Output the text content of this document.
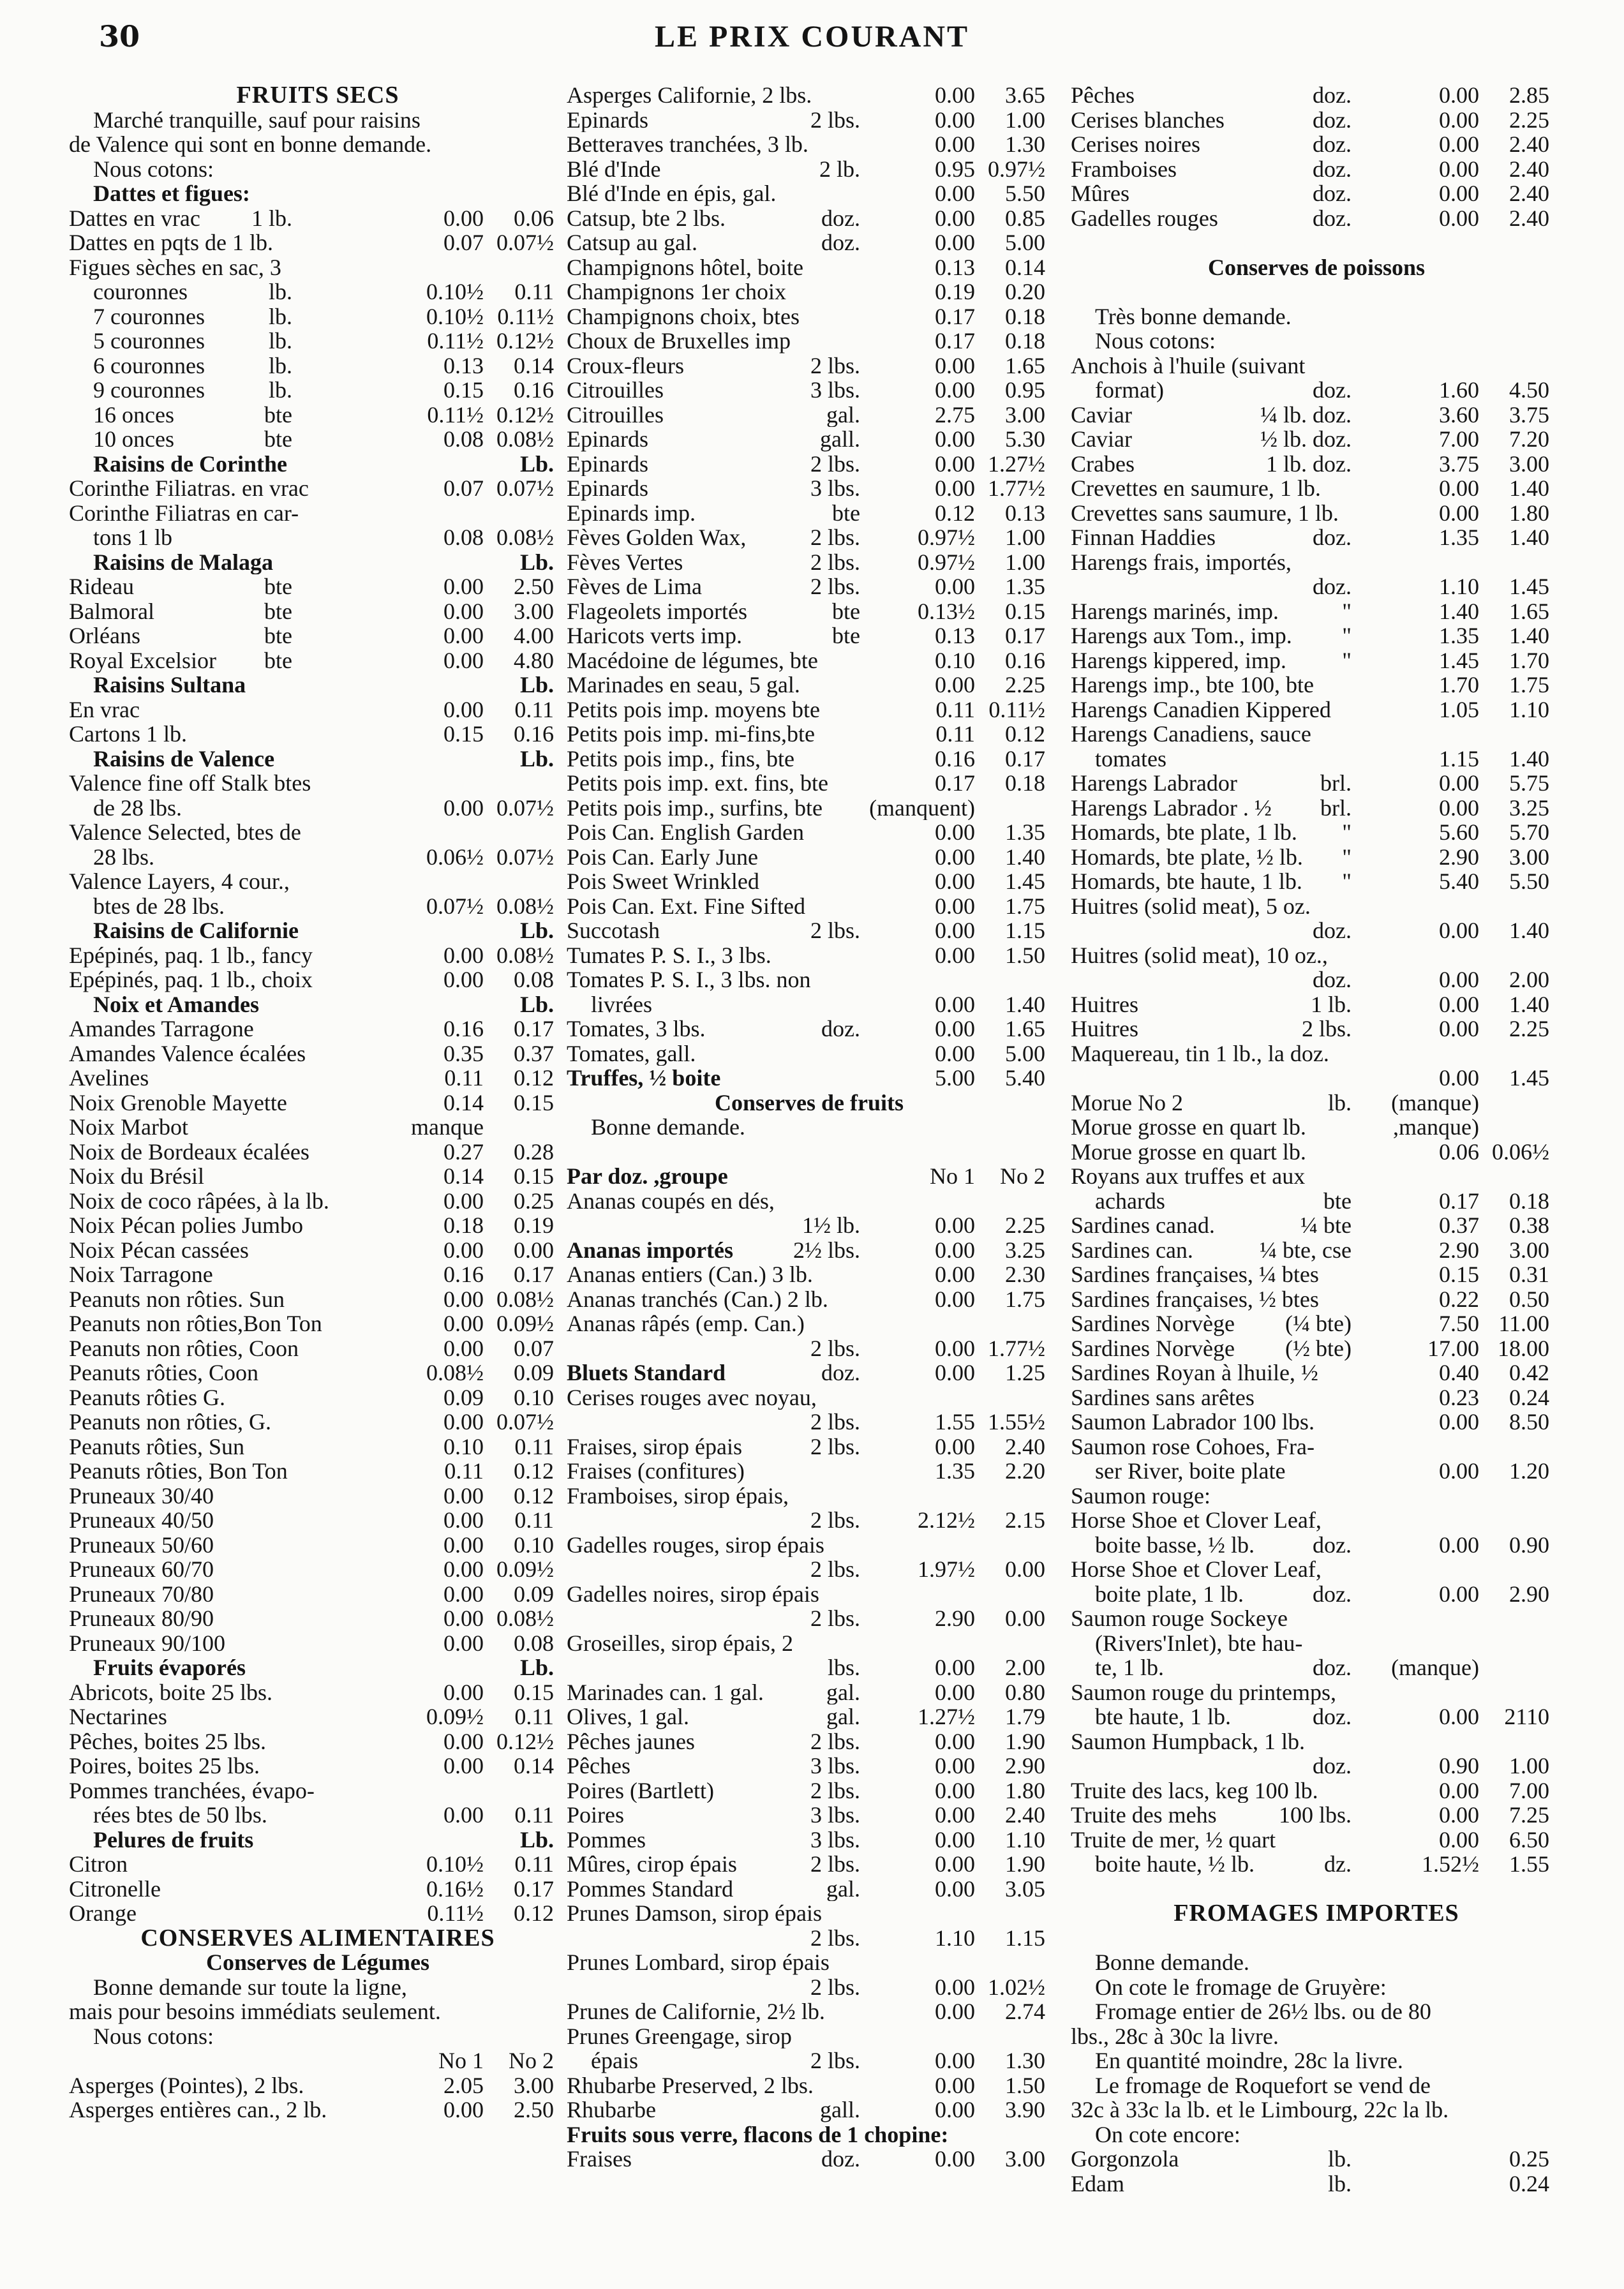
30	LE PRIX COURANT
FRUITS SECS
Marché tranquille, sauf pour raisins
de Valence qui sont en bonne demande.
Nous cotons:
Dattes et figues:
Dattes en vrac 1 lb.	0.00 0.06
Dattes en pqts de 1 lb.	0.07 0.07½
Figues sèches en sac, 3
couronnes	lb.	0.10½ 0.11
7 couronnes	lb.	0.10½ 0.11½
5 couronnes	lb.	0.11½ 0.12½
6 couronnes	lb.	0.13 0.14
9 couronnes	lb.	0.15 0.16
16 onces	bte	0.11½ 0.12½
10 onces	bte	0.08 0.08½
Raisins de Corinthe	Lb.
Corinthe Filiatras. en vrac	0.07 0.07½
Corinthe Filiatras en car-
tons 1 lb	0.08 0.08½
Raisins de Malaga	Lb.
Rideau	bte	0.00 2.50
Balmoral	bte	0.00 3.00
Orléans	bte	0.00 4.00
Royal Excelsior bte	0.00 4.80
Raisins Sultana	Lb.
En vrac	0.00 0.11
Cartons 1 lb.	0.15 0.16
Raisins de Valence	Lb.
Valence fine off Stalk btes
de 28 lbs.	0.00 0.07½
Valence Selected, btes de
28 lbs.	0.06½ 0.07½
Valence Layers, 4 cour.,
btes de 28 lbs.	0.07½ 0.08½
Raisins de Californie	Lb.
Epépinés, paq. 1 lb., fancy	0.00 0.08½
Epépinés, paq. 1 lb., choix	0.00 0.08
Noix et Amandes	Lb.
Amandes Tarragone	0.16 0.17
Amandes Valence écalées	0.35 0.37
Avelines	0.11 0.12
Noix Grenoble Mayette	0.14 0.15
Noix Marbot	manque
Noix de Bordeaux écalées	0.27 0.28
Noix du Brésil	0.14 0.15
Noix de coco râpées, à la lb.	0.00 0.25
Noix Pécan polies Jumbo	0.18 0.19
Noix Pécan cassées	0.00 0.00
Noix Tarragone	0.16 0.17
Peanuts non rôties. Sun	0.00 0.08½
Peanuts non rôties,Bon Ton	0.00 0.09½
Peanuts non rôties, Coon	0.00 0.07
Peanuts rôties, Coon	0.08½ 0.09
Peanuts rôties G.	0.09 0.10
Peanuts non rôties, G.	0.00 0.07½
Peanuts rôties, Sun	0.10 0.11
Peanuts rôties, Bon Ton	0.11 0.12
Pruneaux 30/40	0.00 0.12
Pruneaux 40/50	0.00 0.11
Pruneaux 50/60	0.00 0.10
Pruneaux 60/70	0.00 0.09½
Pruneaux 70/80	0.00 0.09
Pruneaux 80/90	0.00 0.08½
Pruneaux 90/100	0.00 0.08
Fruits évaporés	Lb.
Abricots, boite 25 lbs.	0.00 0.15
Nectarines	0.09½ 0.11
Pêches, boites 25 lbs.	0.00 0.12½
Poires, boites 25 lbs.	0.00 0.14
Pommes tranchées, évapo-
rées btes de 50 lbs.	0.00 0.11
Pelures de fruits	Lb.
Citron	0.10½ 0.11
Citronelle	0.16½ 0.17
Orange	0.11½ 0.12
CONSERVES ALIMENTAIRES
Conserves de Légumes
Bonne demande sur toute la ligne,
mais pour besoins immédiats seulement.
Nous cotons:
No 1 No 2
Asperges (Pointes), 2 lbs.	2.05 3.00
Asperges entières can., 2 lb.	0.00 2.50
Asperges Californie, 2 lbs.	0.00 3.65
Epinards	2 lbs.	0.00 1.00
Betteraves tranchées, 3 lb.	0.00 1.30
Blé d'Inde	2 lb.	0.95 0.97½
Blé d'Inde en épis, gal.	0.00 5.50
Catsup, bte 2 lbs.	doz.	0.00 0.85
Catsup au gal.	doz.	0.00 5.00
Champignons hôtel, boite	0.13 0.14
Champignons 1er choix	0.19 0.20
Champignons choix, btes	0.17 0.18
Choux de Bruxelles imp	0.17 0.18
Croux-fleurs	2 lbs.	0.00 1.65
Citrouilles	3 lbs.	0.00 0.95
Citrouilles	gal.	2.75 3.00
Epinards	gall.	0.00 5.30
Epinards	2 lbs.	0.00 1.27½
Epinards	3 lbs.	0.00 1.77½
Epinards imp.	bte	0.12 0.13
Fèves Golden Wax,	2 lbs.	0.97½ 1.00
Fèves Vertes	2 lbs.	0.97½ 1.00
Fèves de Lima	2 lbs.	0.00 1.35
Flageolets importés	bte	0.13½ 0.15
Haricots verts imp.	bte	0.13 0.17
Macédoine de légumes, bte	0.10 0.16
Marinades en seau, 5 gal.	0.00 2.25
Petits pois imp. moyens bte	0.11 0.11½
Petits pois imp. mi-fins,bte	0.11 0.12
Petits pois imp., fins, bte	0.16 0.17
Petits pois imp. ext. fins, bte	0.17 0.18
Petits pois imp., surfins, bte (manquent)
Pois Can. English Garden	0.00 1.35
Pois Can. Early June	0.00 1.40
Pois Sweet Wrinkled	0.00 1.45
Pois Can. Ext. Fine Sifted	0.00 1.75
Succotash	2 lbs.	0.00 1.15
Tumates P. S. I., 3 lbs.	0.00 1.50
Tomates P. S. I., 3 lbs. non
livrées	0.00 1.40
Tomates, 3 lbs.	doz.	0.00 1.65
Tomates, gall.	0.00 5.00
Truffes, ½ boite	5.00 5.40
Conserves de fruits
Bonne demande.
Par doz. ,groupe	No 1 No 2
Ananas coupés en dés,
1½ lb.	0.00 2.25
Ananas importés	2½ lbs.	0.00 3.25
Ananas entiers (Can.) 3 lb.	0.00 2.30
Ananas tranchés (Can.) 2 lb.	0.00 1.75
Ananas râpés (emp. Can.)
2 lbs.	0.00 1.77½
Bluets Standard	doz.	0.00 1.25
Cerises rouges avec noyau,
2 lbs.	1.55 1.55½
Fraises, sirop épais	2 lbs.	0.00 2.40
Fraises (confitures)	1.35 2.20
Framboises, sirop épais,
2 lbs.	2.12½ 2.15
Gadelles rouges, sirop épais
2 lbs.	1.97½ 0.00
Gadelles noires, sirop épais
2 lbs.	2.90 0.00
Groseilles, sirop épais, 2
lbs.	0.00 2.00
Marinades can. 1 gal.	gal.	0.00 0.80
Olives, 1 gal.	gal.	1.27½ 1.79
Pêches jaunes	2 lbs.	0.00 1.90
Pêches	3 lbs.	0.00 2.90
Poires (Bartlett)	2 lbs.	0.00 1.80
Poires	3 lbs.	0.00 2.40
Pommes	3 lbs.	0.00 1.10
Mûres, cirop épais	2 lbs.	0.00 1.90
Pommes Standard	gal.	0.00 3.05
Prunes Damson, sirop épais
2 lbs.	1.10 1.15
Prunes Lombard, sirop épais
2 lbs.	0.00 1.02½
Prunes de Californie, 2½ lb.	0.00 2.74
Prunes Greengage, sirop
épais	2 lbs.	0.00 1.30
Rhubarbe Preserved, 2 lbs.	0.00 1.50
Rhubarbe	gall.	0.00 3.90
Fruits sous verre, flacons de 1 chopine:
Fraises	doz.	0.00 3.00
Pêches	doz.	0.00 2.85
Cerises blanches	doz.	0.00 2.25
Cerises noires	doz.	0.00 2.40
Framboises	doz.	0.00 2.40
Mûres	doz.	0.00 2.40
Gadelles rouges	doz.	0.00 2.40
Conserves de poissons
Très bonne demande.
Nous cotons:
Anchois à l'huile (suivant
format)	doz.	1.60 4.50
Caviar	¼ lb. doz.	3.60 3.75
Caviar	½ lb. doz.	7.00 7.20
Crabes	1 lb. doz.	3.75 3.00
Crevettes en saumure, 1 lb.	0.00 1.40
Crevettes sans saumure, 1 lb.	0.00 1.80
Finnan Haddies	doz.	1.35 1.40
Harengs frais, importés,
doz.	1.10 1.45
Harengs marinés, imp.	"	1.40 1.65
Harengs aux Tom., imp. "	1.35 1.40
Harengs kippered, imp. "	1.45 1.70
Harengs imp., bte 100, bte	1.70 1.75
Harengs Canadien Kippered	1.05 1.10
Harengs Canadiens, sauce
tomates	1.15 1.40
Harengs Labrador	brl.	0.00 5.75
Harengs Labrador . ½ brl.	0.00 3.25
Homards, bte plate, 1 lb. "	5.60 5.70
Homards, bte plate, ½ lb. "	2.90 3.00
Homards, bte haute, 1 lb. "	5.40 5.50
Huitres (solid meat), 5 oz.
doz.	0.00 1.40
Huitres (solid meat), 10 oz.,
doz.	0.00 2.00
Huitres	1 lb.	0.00 1.40
Huitres	2 lbs.	0.00 2.25
Maquereau, tin 1 lb., la doz.
0.00 1.45
Morue No 2	lb. (manque)
Morue grosse en quart lb.	,manque)
Morue grosse en quart lb.	0.06 0.06½
Royans aux truffes et aux
achards	bte	0.17 0.18
Sardines canad.	¼ bte	0.37 0.38
Sardines can.	¼ bte, cse	2.90 3.00
Sardines françaises, ¼ btes	0.15 0.31
Sardines françaises, ½ btes	0.22 0.50
Sardines Norvège (¼ bte)	7.50 11.00
Sardines Norvège (½ bte)	17.00 18.00
Sardines Royan à lhuile, ½	0.40 0.42
Sardines sans arêtes	0.23 0.24
Saumon Labrador 100 lbs.	0.00 8.50
Saumon rose Cohoes, Fra-
ser River, boite plate	0.00 1.20
Saumon rouge:
Horse Shoe et Clover Leaf,
boite basse, ½ lb.	doz.	0.00 0.90
Horse Shoe et Clover Leaf,
boite plate, 1 lb.	doz.	0.00 2.90
Saumon rouge Sockeye
(Rivers'Inlet), bte hau-
te, 1 lb.	doz. (manque)
Saumon rouge du printemps,
bte haute, 1 lb.	doz.	0.00 2110
Saumon Humpback, 1 lb.
doz.	0.90 1.00
Truite des lacs, keg 100 lb.	0.00 7.00
Truite des mehs	100 lbs.	0.00 7.25
Truite de mer, ½ quart	0.00 6.50
boite haute, ½ lb.	dz.	1.52½ 1.55
FROMAGES IMPORTES
Bonne demande.
On cote le fromage de Gruyère:
Fromage entier de 26½ lbs. ou de 80
lbs., 28c à 30c la livre.
En quantité moindre, 28c la livre.
Le fromage de Roquefort se vend de
32c à 33c la lb. et le Limbourg, 22c la lb.
On cote encore:
Gorgonzola	lb.	0.25
Edam	lb.	0.24
